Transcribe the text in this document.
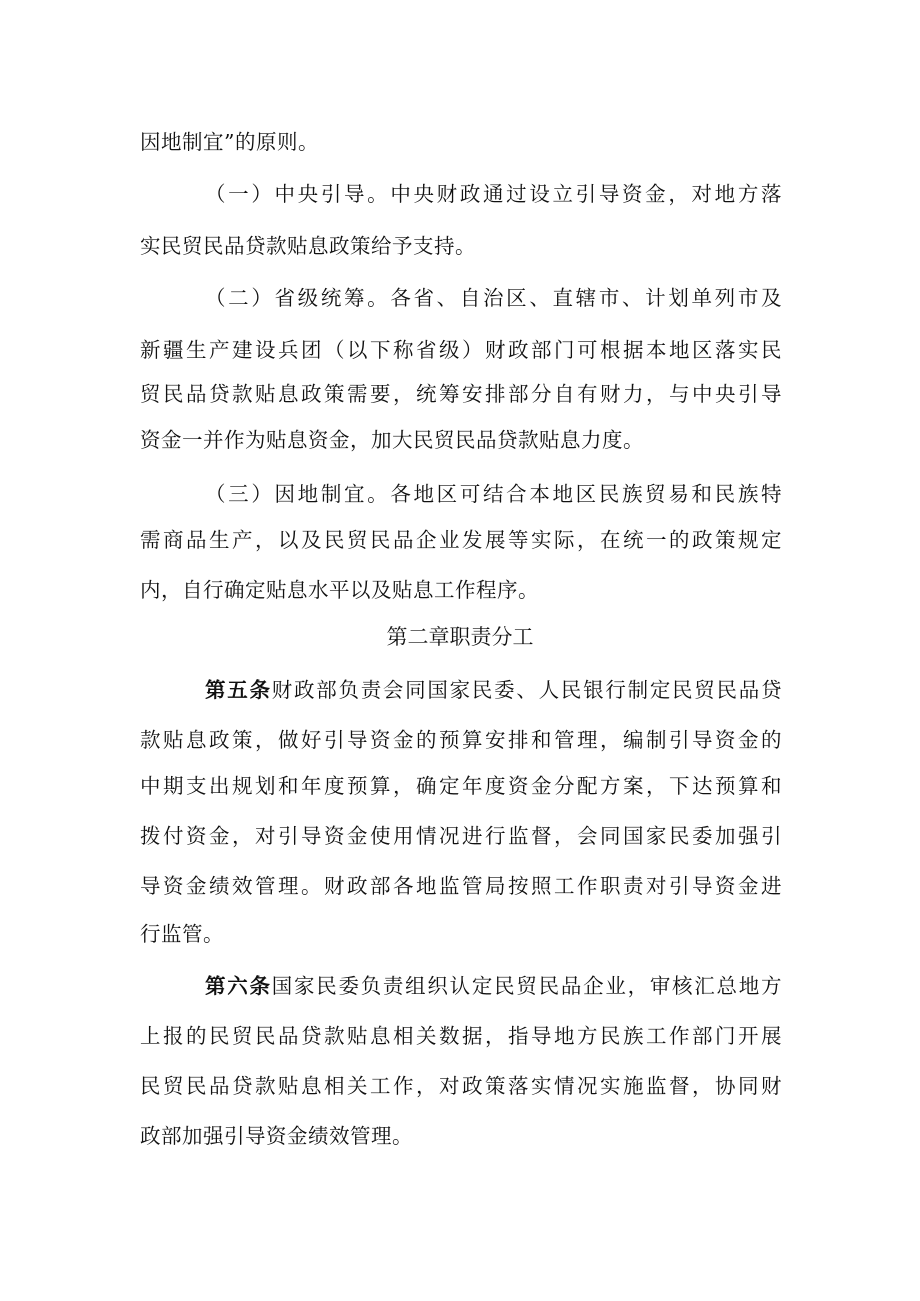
因地制宜”的原则。
（一）中央引导。中央财政通过设立引导资金，对地方落
实民贸民品贷款贴息政策给予支持。
（二）省级统筹。各省、自治区、直辖市、计划单列市及
新疆生产建设兵团（以下称省级）财政部门可根据本地区落实民
贸民品贷款贴息政策需要，统筹安排部分自有财力，与中央引导
资金一并作为贴息资金，加大民贸民品贷款贴息力度。
（三）因地制宜。各地区可结合本地区民族贸易和民族特
需商品生产，以及民贸民品企业发展等实际，在统一的政策规定
内，自行确定贴息水平以及贴息工作程序。
第二章职责分工
第五条财政部负责会同国家民委、人民银行制定民贸民品贷
款贴息政策，做好引导资金的预算安排和管理，编制引导资金的
中期支出规划和年度预算，确定年度资金分配方案，下达预算和
拨付资金，对引导资金使用情况进行监督，会同国家民委加强引
导资金绩效管理。财政部各地监管局按照工作职责对引导资金进
行监管。
第六条国家民委负责组织认定民贸民品企业，审核汇总地方
上报的民贸民品贷款贴息相关数据，指导地方民族工作部门开展
民贸民品贷款贴息相关工作，对政策落实情况实施监督，协同财
政部加强引导资金绩效管理。
